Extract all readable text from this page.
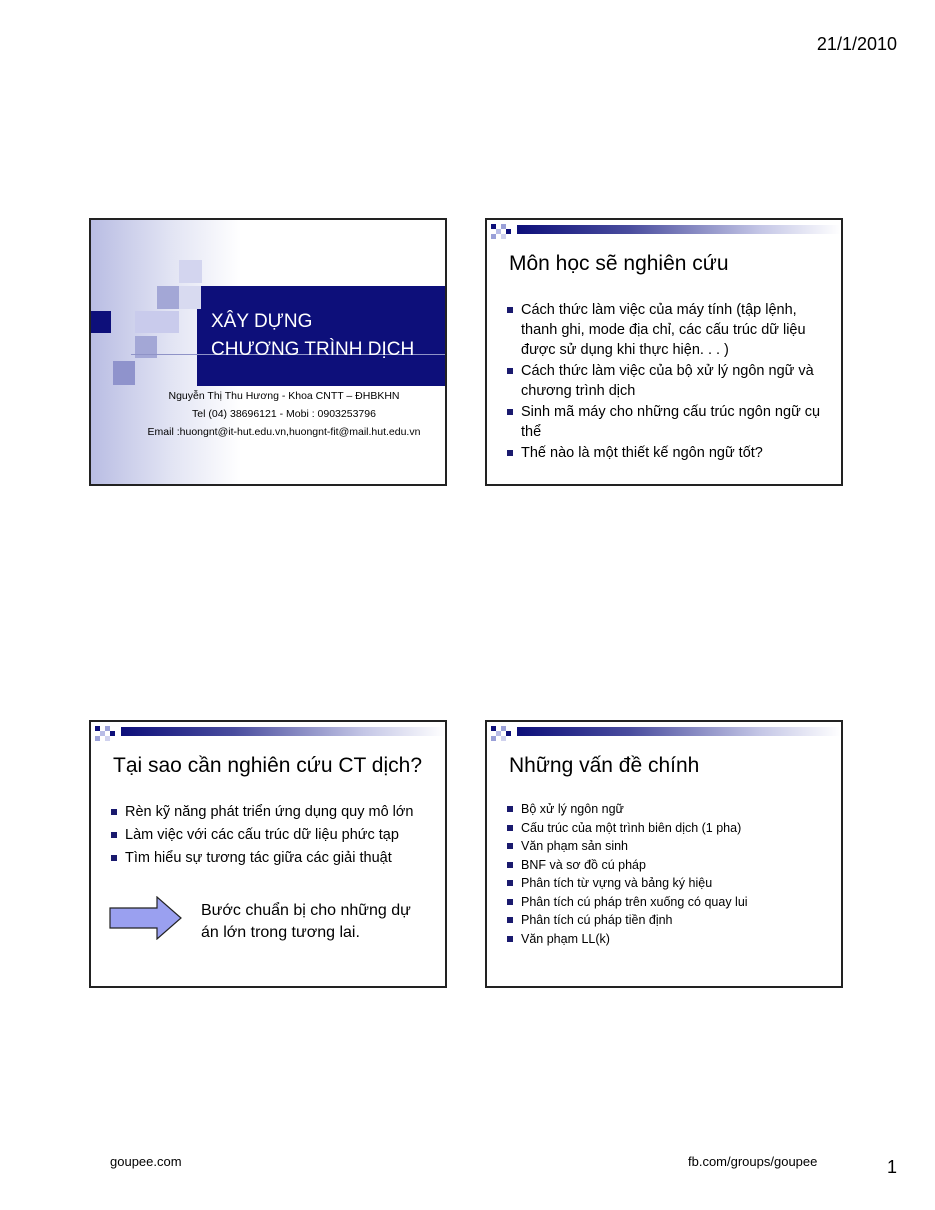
21/1/2010
XÂY DỰNG
CHƯƠNG TRÌNH DỊCH
Nguyễn Thị Thu Hương - Khoa CNTT – ĐHBKHN
Tel (04) 38696121 - Mobi : 0903253796
Email :huongnt@it-hut.edu.vn,huongnt-fit@mail.hut.edu.vn
Môn học sẽ nghiên cứu
Cách thức làm việc của máy tính (tập lệnh, thanh ghi, mode địa chỉ, các cấu trúc dữ liệu được sử dụng khi thực hiện. . . )
Cách thức làm việc của bộ xử lý ngôn ngữ và chương trình dịch
Sinh mã máy cho những cấu trúc ngôn ngữ cụ thể
Thế nào là một thiết kế ngôn ngữ tốt?
Tại sao cần nghiên cứu CT dịch?
Rèn kỹ năng phát triển ứng dụng quy mô lớn
Làm việc với các cấu trúc dữ liệu phức tạp
Tìm hiểu sự tương tác giữa các giải thuật
Bước chuẩn bị cho những dự án lớn trong tương lai.
Những vấn đề chính
Bộ xử lý ngôn ngữ
Cấu trúc của một trình biên dịch (1 pha)
Văn phạm sản sinh
BNF và sơ đồ cú pháp
Phân tích từ vựng và bảng ký hiệu
Phân tích cú pháp trên xuống có quay lui
Phân tích cú pháp tiền định
Văn phạm LL(k)
goupee.com	fb.com/groups/goupee	1
